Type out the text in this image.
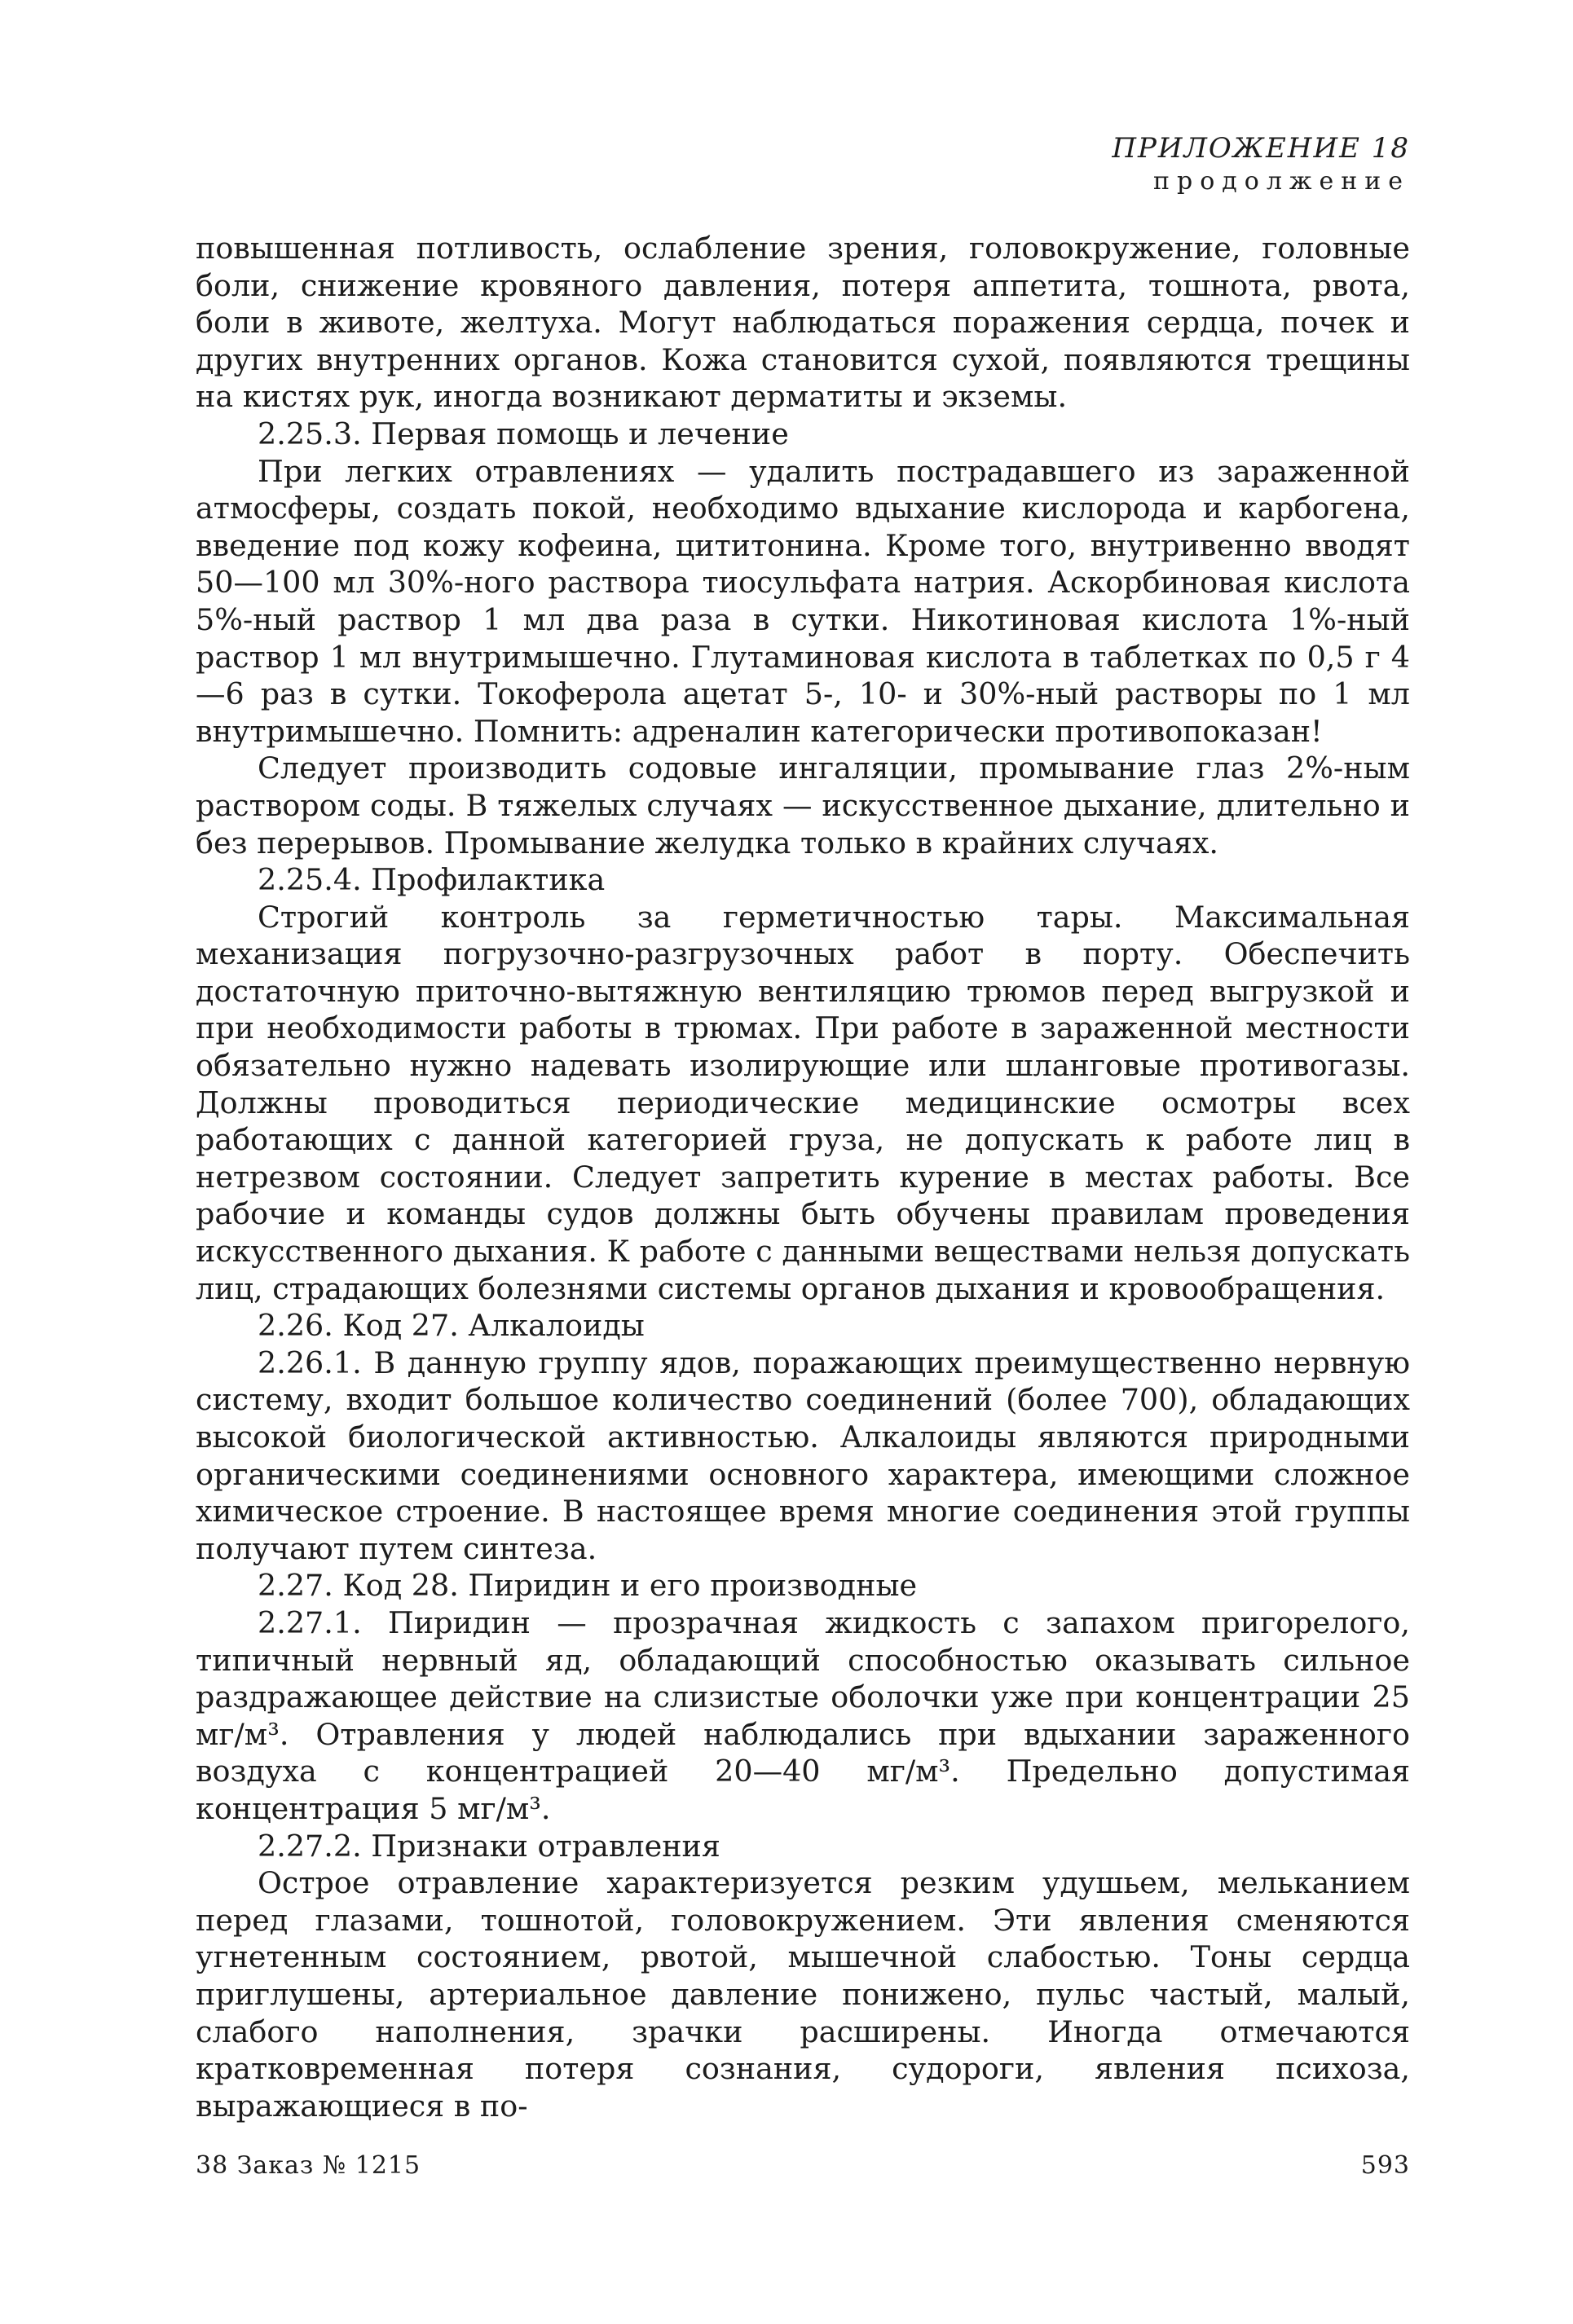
ПРИЛОЖЕНИЕ 18
продолжение

повышенная потливость, ослабление зрения, головокружение, головные боли, снижение кровяного давления, потеря аппетита, тошнота, рвота, боли в животе, желтуха. Могут наблюдаться поражения сердца, почек и других внутренних органов. Кожа становится сухой, появляются трещины на кистях рук, иногда возникают дерматиты и экземы.

2.25.3. Первая помощь и лечение

При легких отравлениях — удалить пострадавшего из зараженной атмосферы, создать покой, необходимо вдыхание кислорода и карбогена, введение под кожу кофеина, цититонина. Кроме того, внутривенно вводят 50—100 мл 30%-ного раствора тиосульфата натрия. Аскорбиновая кислота 5%-ный раствор 1 мл два раза в сутки. Никотиновая кислота 1%-ный раствор 1 мл внутримышечно. Глутаминовая кислота в таблетках по 0,5 г 4—6 раз в сутки. Токоферола ацетат 5-, 10- и 30%-ный растворы по 1 мл внутримышечно. Помнить: адреналин категорически противопоказан!

Следует производить содовые ингаляции, промывание глаз 2%-ным раствором соды. В тяжелых случаях — искусственное дыхание, длительно и без перерывов. Промывание желудка только в крайних случаях.

2.25.4. Профилактика

Строгий контроль за герметичностью тары. Максимальная механизация погрузочно-разгрузочных работ в порту. Обеспечить достаточную приточно-вытяжную вентиляцию трюмов перед выгрузкой и при необходимости работы в трюмах. При работе в зараженной местности обязательно нужно надевать изолирующие или шланговые противогазы. Должны проводиться периодические медицинские осмотры всех работающих с данной категорией груза, не допускать к работе лиц в нетрезвом состоянии. Следует запретить курение в местах работы. Все рабочие и команды судов должны быть обучены правилам проведения искусственного дыхания. К работе с данными веществами нельзя допускать лиц, страдающих болезнями системы органов дыхания и кровообращения.

2.26. Код 27. Алкалоиды

2.26.1. В данную группу ядов, поражающих преимущественно нервную систему, входит большое количество соединений (более 700), обладающих высокой биологической активностью. Алкалоиды являются природными органическими соединениями основного характера, имеющими сложное химическое строение. В настоящее время многие соединения этой группы получают путем синтеза.

2.27. Код 28. Пиридин и его производные

2.27.1. Пиридин — прозрачная жидкость с запахом пригорелого, типичный нервный яд, обладающий способностью оказывать сильное раздражающее действие на слизистые оболочки уже при концентрации 25 мг/м³. Отравления у людей наблюдались при вдыхании зараженного воздуха с концентрацией 20—40 мг/м³. Предельно допустимая концентрация 5 мг/м³.

2.27.2. Признаки отравления

Острое отравление характеризуется резким удушьем, мельканием перед глазами, тошнотой, головокружением. Эти явления сменяются угнетенным состоянием, рвотой, мышечной слабостью. Тоны сердца приглушены, артериальное давление понижено, пульс частый, малый, слабого наполнения, зрачки расширены. Иногда отмечаются кратковременная потеря сознания, судороги, явления психоза, выражающиеся в по-

38 Заказ № 1215	593
